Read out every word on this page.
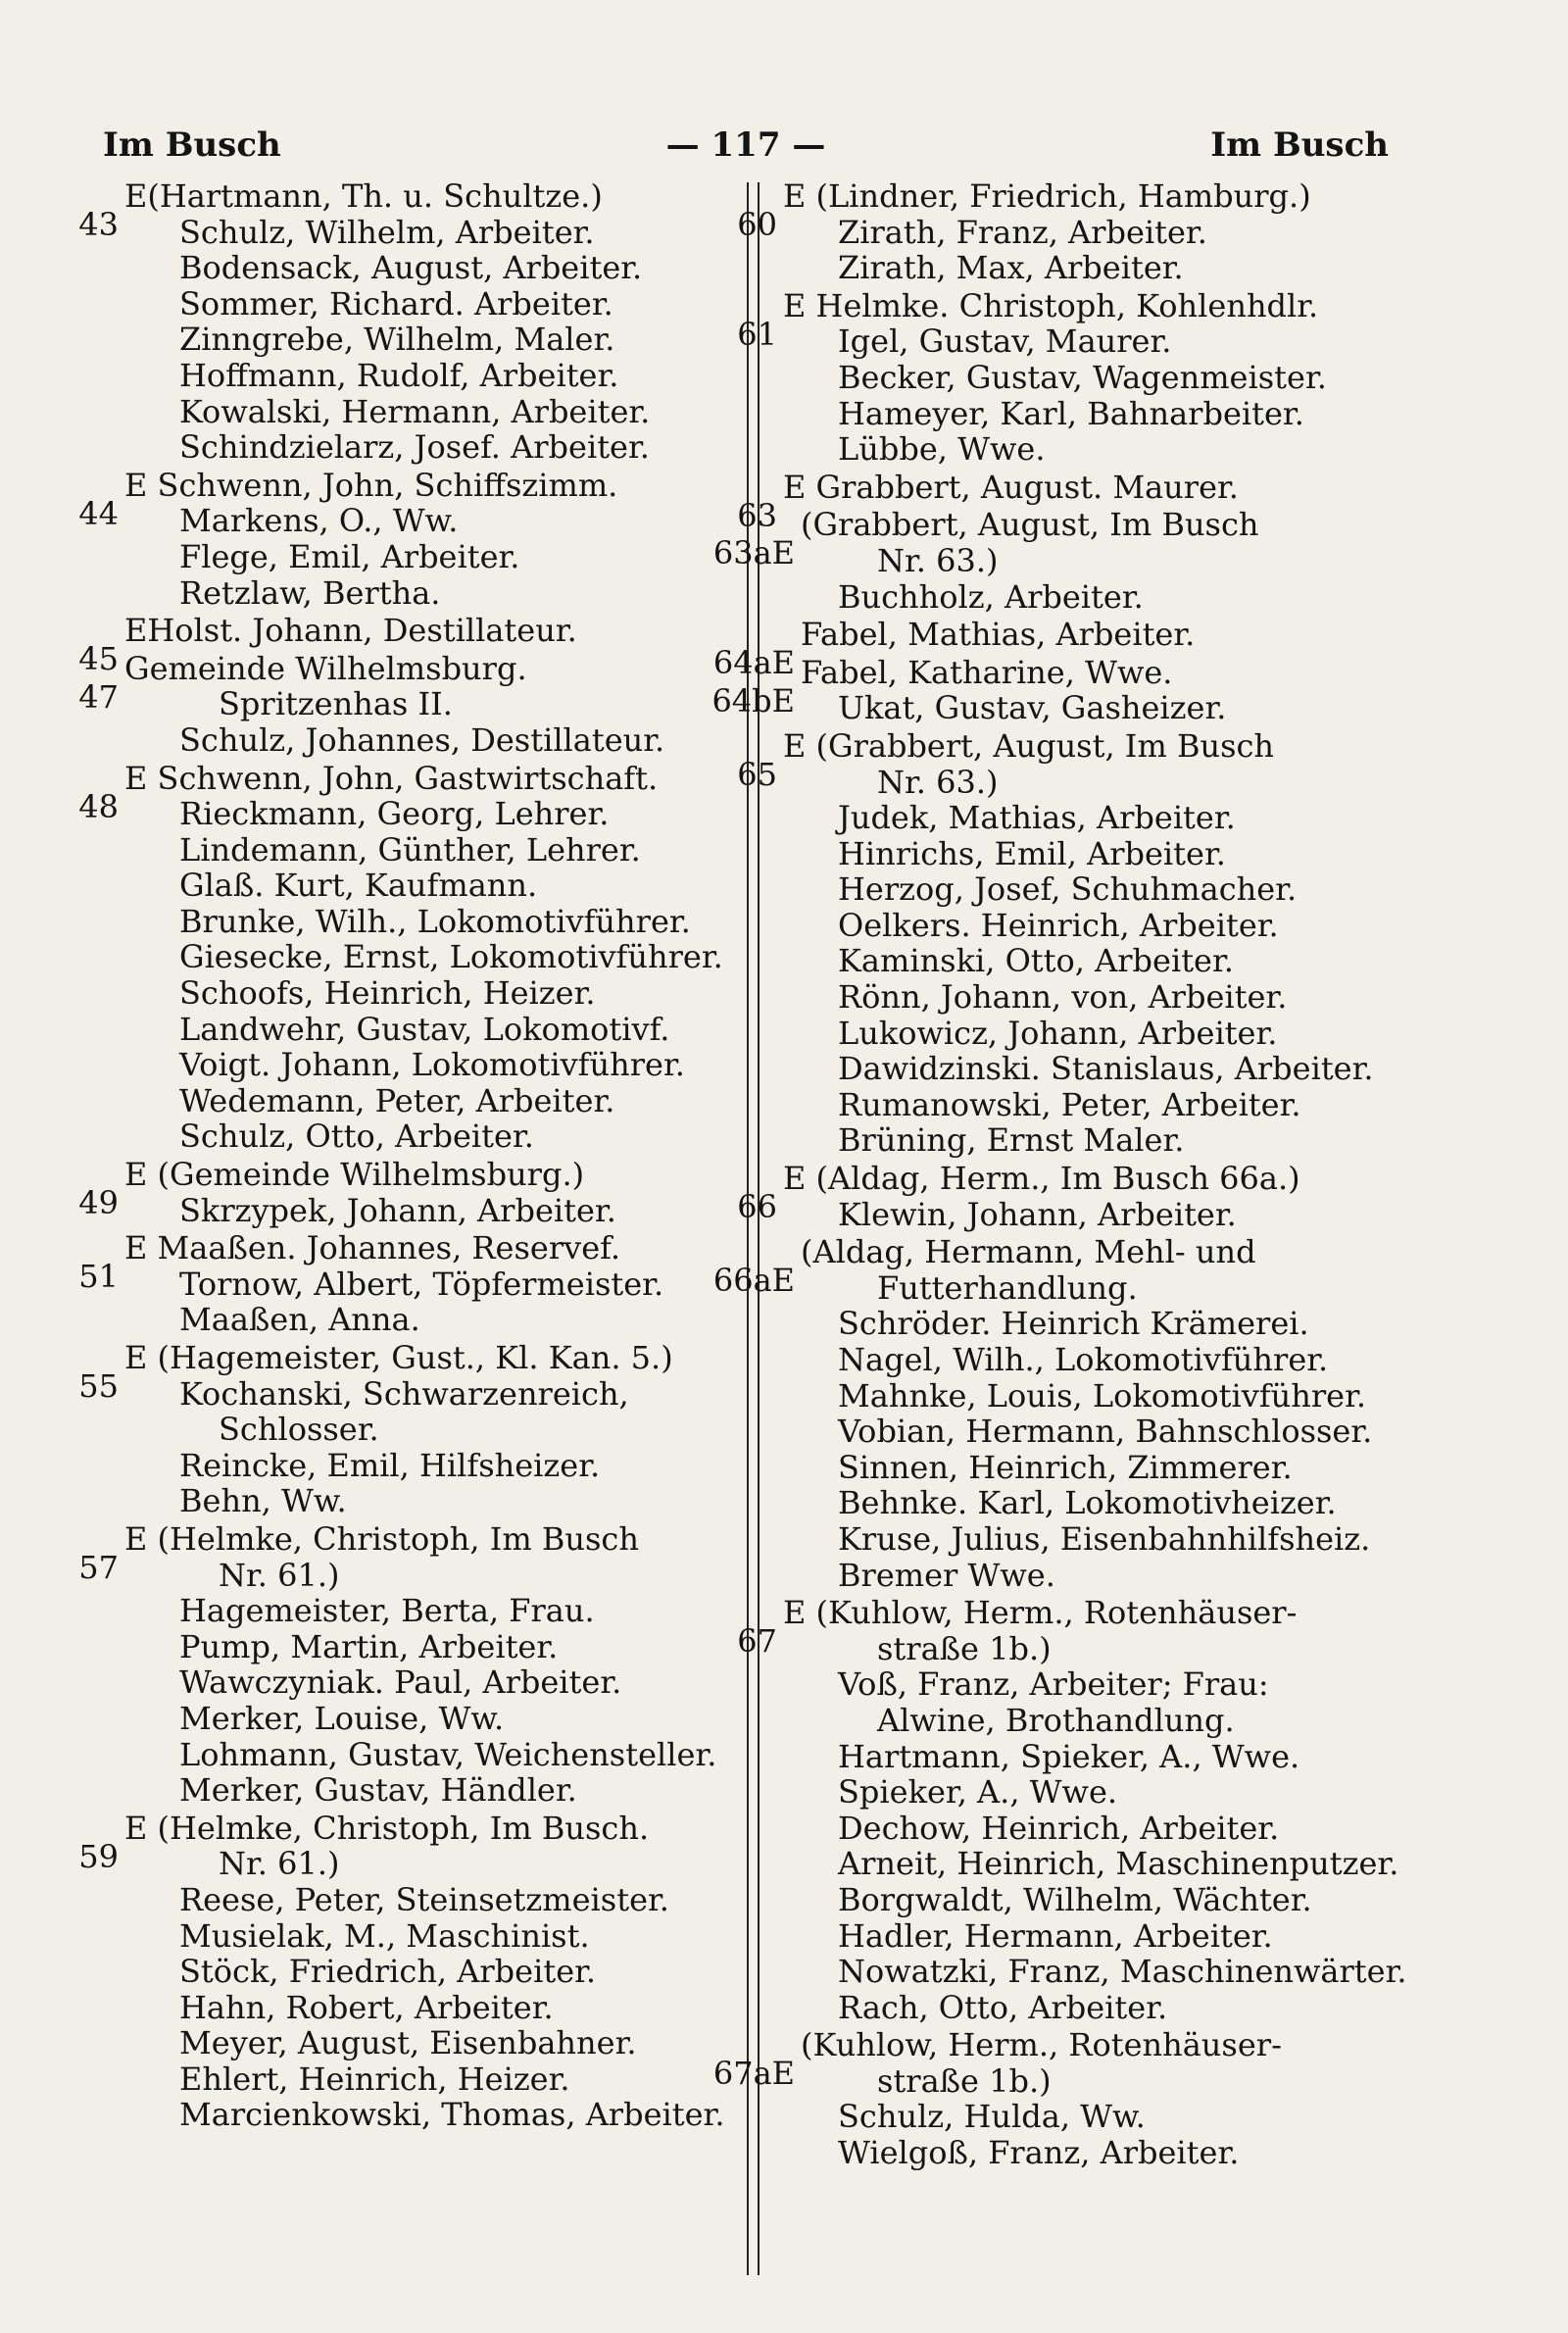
Im Busch	— 117 —	Im Busch
43
E(Hartmann, Th. u. Schultze.)
Schulz, Wilhelm, Arbeiter.
Bodensack, August, Arbeiter.
Sommer, Richard. Arbeiter.
Zinngrebe, Wilhelm, Maler.
Hoffmann, Rudolf, Arbeiter.
Kowalski, Hermann, Arbeiter.
Schindzielarz, Josef. Arbeiter.
44
E Schwenn, John, Schiffszimm.
Markens, O., Ww.
Flege, Emil, Arbeiter.
Retzlaw, Bertha.
45
EHolst. Johann, Destillateur.
47
Gemeinde Wilhelmsburg.
Spritzenhas II.
Schulz, Johannes, Destillateur.
48
E Schwenn, John, Gastwirtschaft.
Rieckmann, Georg, Lehrer.
Lindemann, Günther, Lehrer.
Glaß. Kurt, Kaufmann.
Brunke, Wilh., Lokomotivführer.
Giesecke, Ernst, Lokomotivführer.
Schoofs, Heinrich, Heizer.
Landwehr, Gustav, Lokomotivf.
Voigt. Johann, Lokomotivführer.
Wedemann, Peter, Arbeiter.
Schulz, Otto, Arbeiter.
49
E (Gemeinde Wilhelmsburg.)
Skrzypek, Johann, Arbeiter.
51
E Maaßen. Johannes, Reservef.
Tornow, Albert, Töpfermeister.
Maaßen, Anna.
55
E (Hagemeister, Gust., Kl. Kan. 5.)
Kochanski, Schwarzenreich,
Schlosser.
Reincke, Emil, Hilfsheizer.
Behn, Ww.
57
E (Helmke, Christoph, Im Busch
Nr. 61.)
Hagemeister, Berta, Frau.
Pump, Martin, Arbeiter.
Wawczyniak. Paul, Arbeiter.
Merker, Louise, Ww.
Lohmann, Gustav, Weichensteller.
Merker, Gustav, Händler.
59
E (Helmke, Christoph, Im Busch.
Nr. 61.)
Reese, Peter, Steinsetzmeister.
Musielak, M., Maschinist.
Stöck, Friedrich, Arbeiter.
Hahn, Robert, Arbeiter.
Meyer, August, Eisenbahner.
Ehlert, Heinrich, Heizer.
Marcienkowski, Thomas, Arbeiter.
60
E (Lindner, Friedrich, Hamburg.)
Zirath, Franz, Arbeiter.
Zirath, Max, Arbeiter.
61
E Helmke. Christoph, Kohlenhdlr.
Igel, Gustav, Maurer.
Becker, Gustav, Wagenmeister.
Hameyer, Karl, Bahnarbeiter.
Lübbe, Wwe.
63
E Grabbert, August. Maurer.
63aE
(Grabbert, August, Im Busch
Nr. 63.)
Buchholz, Arbeiter.
64aE
Fabel, Mathias, Arbeiter.
64bE
Fabel, Katharine, Wwe.
Ukat, Gustav, Gasheizer.
65
E (Grabbert, August, Im Busch
Nr. 63.)
Judek, Mathias, Arbeiter.
Hinrichs, Emil, Arbeiter.
Herzog, Josef, Schuhmacher.
Oelkers. Heinrich, Arbeiter.
Kaminski, Otto, Arbeiter.
Rönn, Johann, von, Arbeiter.
Lukowicz, Johann, Arbeiter.
Dawidzinski. Stanislaus, Arbeiter.
Rumanowski, Peter, Arbeiter.
Brüning, Ernst Maler.
66
E (Aldag, Herm., Im Busch 66a.)
Klewin, Johann, Arbeiter.
66aE
(Aldag, Hermann, Mehl- und
Futterhandlung.
Schröder. Heinrich Krämerei.
Nagel, Wilh., Lokomotivführer.
Mahnke, Louis, Lokomotivführer.
Vobian, Hermann, Bahnschlosser.
Sinnen, Heinrich, Zimmerer.
Behnke. Karl, Lokomotivheizer.
Kruse, Julius, Eisenbahnhilfsheiz.
Bremer Wwe.
67
E (Kuhlow, Herm., Rotenhäuser-
straße 1b.)
Voß, Franz, Arbeiter; Frau:
Alwine, Brothandlung.
Hartmann, Spieker, A., Wwe.
Spieker, A., Wwe.
Dechow, Heinrich, Arbeiter.
Arneit, Heinrich, Maschinenputzer.
Borgwaldt, Wilhelm, Wächter.
Hadler, Hermann, Arbeiter.
Nowatzki, Franz, Maschinenwärter.
Rach, Otto, Arbeiter.
67aE
(Kuhlow, Herm., Rotenhäuser-
straße 1b.)
Schulz, Hulda, Ww.
Wielgoß, Franz, Arbeiter.
